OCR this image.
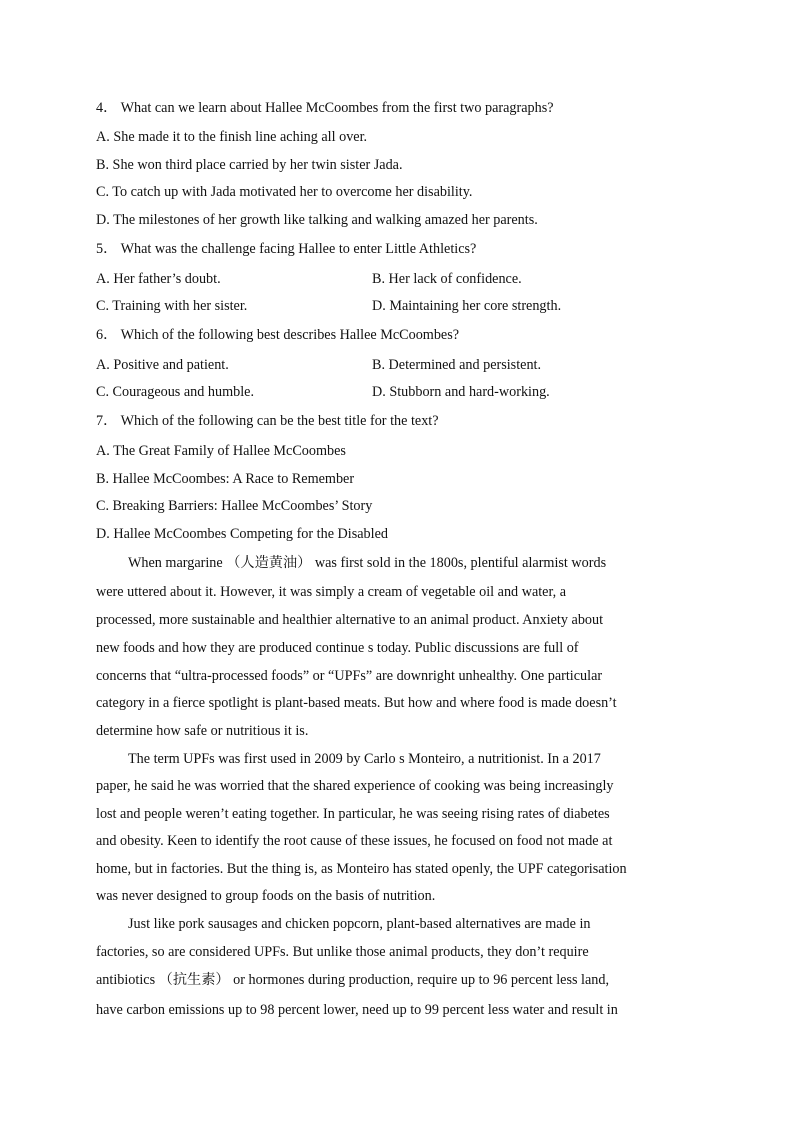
4． What can we learn about Hallee McCoombes from the first two paragraphs?
A. She made it to the finish line aching all over.
B. She won third place carried by her twin sister Jada.
C. To catch up with Jada motivated her to overcome her disability.
D. The milestones of her growth like talking and walking amazed her parents.
5． What was the challenge facing Hallee to enter Little Athletics?
A. Her father’s doubt.	B. Her lack of confidence.
C. Training with her sister.	D. Maintaining her core strength.
6． Which of the following best describes Hallee McCoombes?
A. Positive and patient.	B. Determined and persistent.
C. Courageous and humble.	D. Stubborn and hard-working.
7． Which of the following can be the best title for the text?
A. The Great Family of Hallee McCoombes
B. Hallee McCoombes: A Race to Remember
C. Breaking Barriers: Hallee McCoombes’ Story
D. Hallee McCoombes Competing for the Disabled
When margarine （人造黄油） was first sold in the 1800s, plentiful alarmist words
were uttered about it. However, it was simply a cream of vegetable oil and water, a
processed, more sustainable and healthier alternative to an animal product. Anxiety about
new foods and how they are produced continue s today. Public discussions are full of
concerns that “ultra-processed foods” or “UPFs” are downright unhealthy. One particular
category in a fierce spotlight is plant-based meats. But how and where food is made doesn’t
determine how safe or nutritious it is.
The term UPFs was first used in 2009 by Carlo s Monteiro, a nutritionist. In a 2017
paper, he said he was worried that the shared experience of cooking was being increasingly
lost and people weren’t eating together. In particular, he was seeing rising rates of diabetes
and obesity. Keen to identify the root cause of these issues, he focused on food not made at
home, but in factories. But the thing is, as Monteiro has stated openly, the UPF categorisation
was never designed to group foods on the basis of nutrition.
Just like pork sausages and chicken popcorn, plant-based alternatives are made in
factories, so are considered UPFs. But unlike those animal products, they don’t require
antibiotics （抗生素） or hormones during production, require up to 96 percent less land,
have carbon emissions up to 98 percent lower, need up to 99 percent less water and result in
